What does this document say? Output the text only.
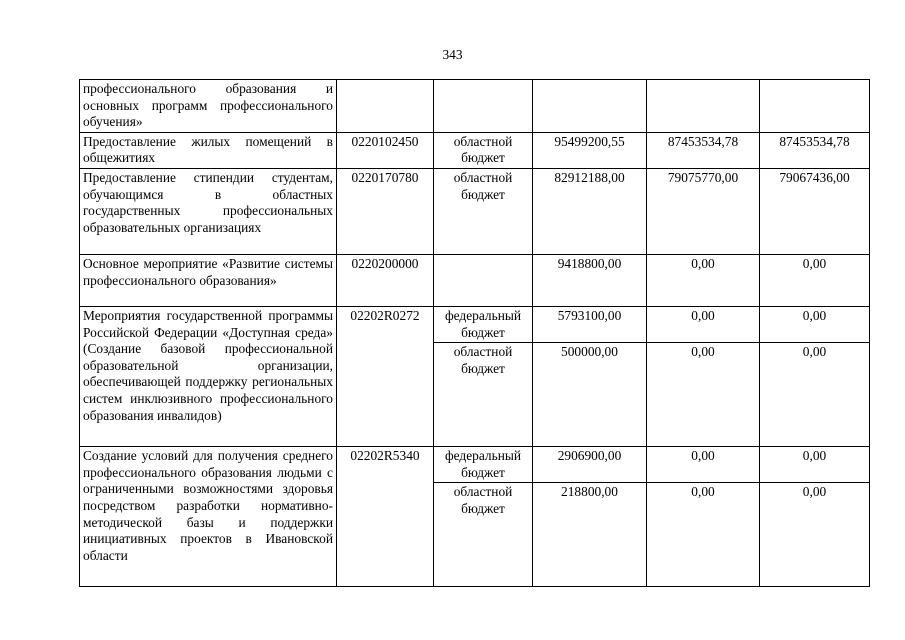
343
профессионального образования и основных программ профессионального обучения»					
Предоставление жилых помещений в общежитиях	0220102450	областной бюджет	95499200,55	87453534,78	87453534,78
Предоставление стипендии студентам, обучающимся в областных государственных профессиональных образовательных организациях	0220170780	областной бюджет	82912188,00	79075770,00	79067436,00
Основное мероприятие «Развитие системы профессионального образования»	0220200000		9418800,00	0,00	0,00
Мероприятия государственной программы Российской Федерации «Доступная среда» (Создание базовой профессиональной образовательной организации, обеспечивающей поддержку региональных систем инклюзивного профессионального образования инвалидов)	02202R0272	федеральный бюджет	5793100,00	0,00	0,00
		областной бюджет	500000,00	0,00	0,00
Создание условий для получения среднего профессионального образования людьми с ограниченными возможностями здоровья посредством разработки нормативно-методической базы и поддержки инициативных проектов в Ивановской области	02202R5340	федеральный бюджет	2906900,00	0,00	0,00
		областной бюджет	218800,00	0,00	0,00
